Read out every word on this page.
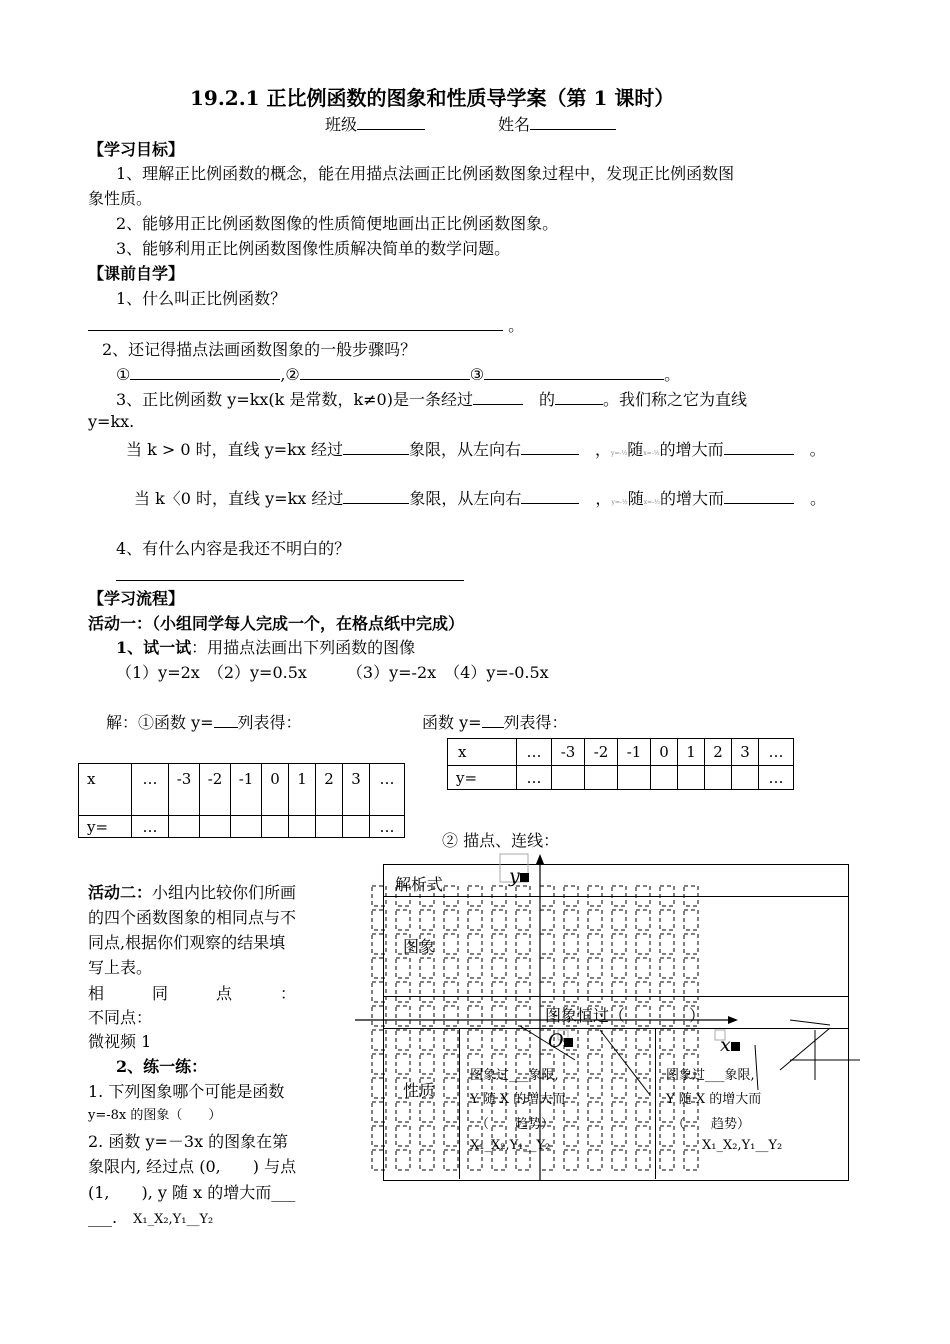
19.2.1 正比例函数的图象和性质导学案（第 1 课时）
班级	姓名
【学习目标】
1、理解正比例函数的概念，能在用描点法画正比例函数图象过程中，发现正比例函数图
象性质。
2、能够用正比例函数图像的性质简便地画出正比例函数图象。
3、能够利用正比例函数图像性质解决简单的数学问题。
【课前自学】
1、什么叫正比例函数？
。
2、还记得描点法画函数图象的一般步骤吗？
①	,②	③	。
3、正比例函数 y=kx(k 是常数，k≠0)是一条经过　	的	。我们称之它为直线
y=kx.
当 k > 0 时，直线 y=kx 经过	象限，从左向右　	，y=-½随x=-½的增大而　	。
当 k〈0 时，直线 y=kx 经过	象限，从左向右　	，y=-½随x=-½的增大而　	。
4、有什么内容是我还不明白的？
【学习流程】
活动一：（小组同学每人完成一个，在格点纸中完成）
1、试一试：用描点法画出下列函数的图像
（1）y=2x　（2）y=0.5x　　　（3）y=-2x　（4）y=-0.5x
解：①函数 y= 列表得：	函数 y= 列表得：
x	…	-3	-2	-1	0	1	2	3	…
y=	…								…
x	…	-3	-2	-1	0	1	2	3	…
y=	…								…
② 描点、连线：
活动二：小组内比较你们所画
的四个函数图象的相同点与不
同点,根据你们观察的结果填
写上表。
相　　　同　　　点　　　：
不同点：
微视频 1
2、练一练：
1. 下列图象哪个可能是函数
y=-8x 的图象（　　）
2. 函数 y=－3x 的图象在第
象限内, 经过点 (0,　　) 与点
(1,　　), y 随 x 的增大而___
___.　 X₁_X₂,Y₁__Y₂
解析式
图象
图象恒过（　　　　）
性质
图象过___象限,
Y 随 X 的增大而
（　　趋势）
X₁_X₂,Y₁__Y₂
图象过___象限,
Y 随 X 的增大而
（　　趋势）
X₁_X₂,Y₁__Y₂
y
x
O
